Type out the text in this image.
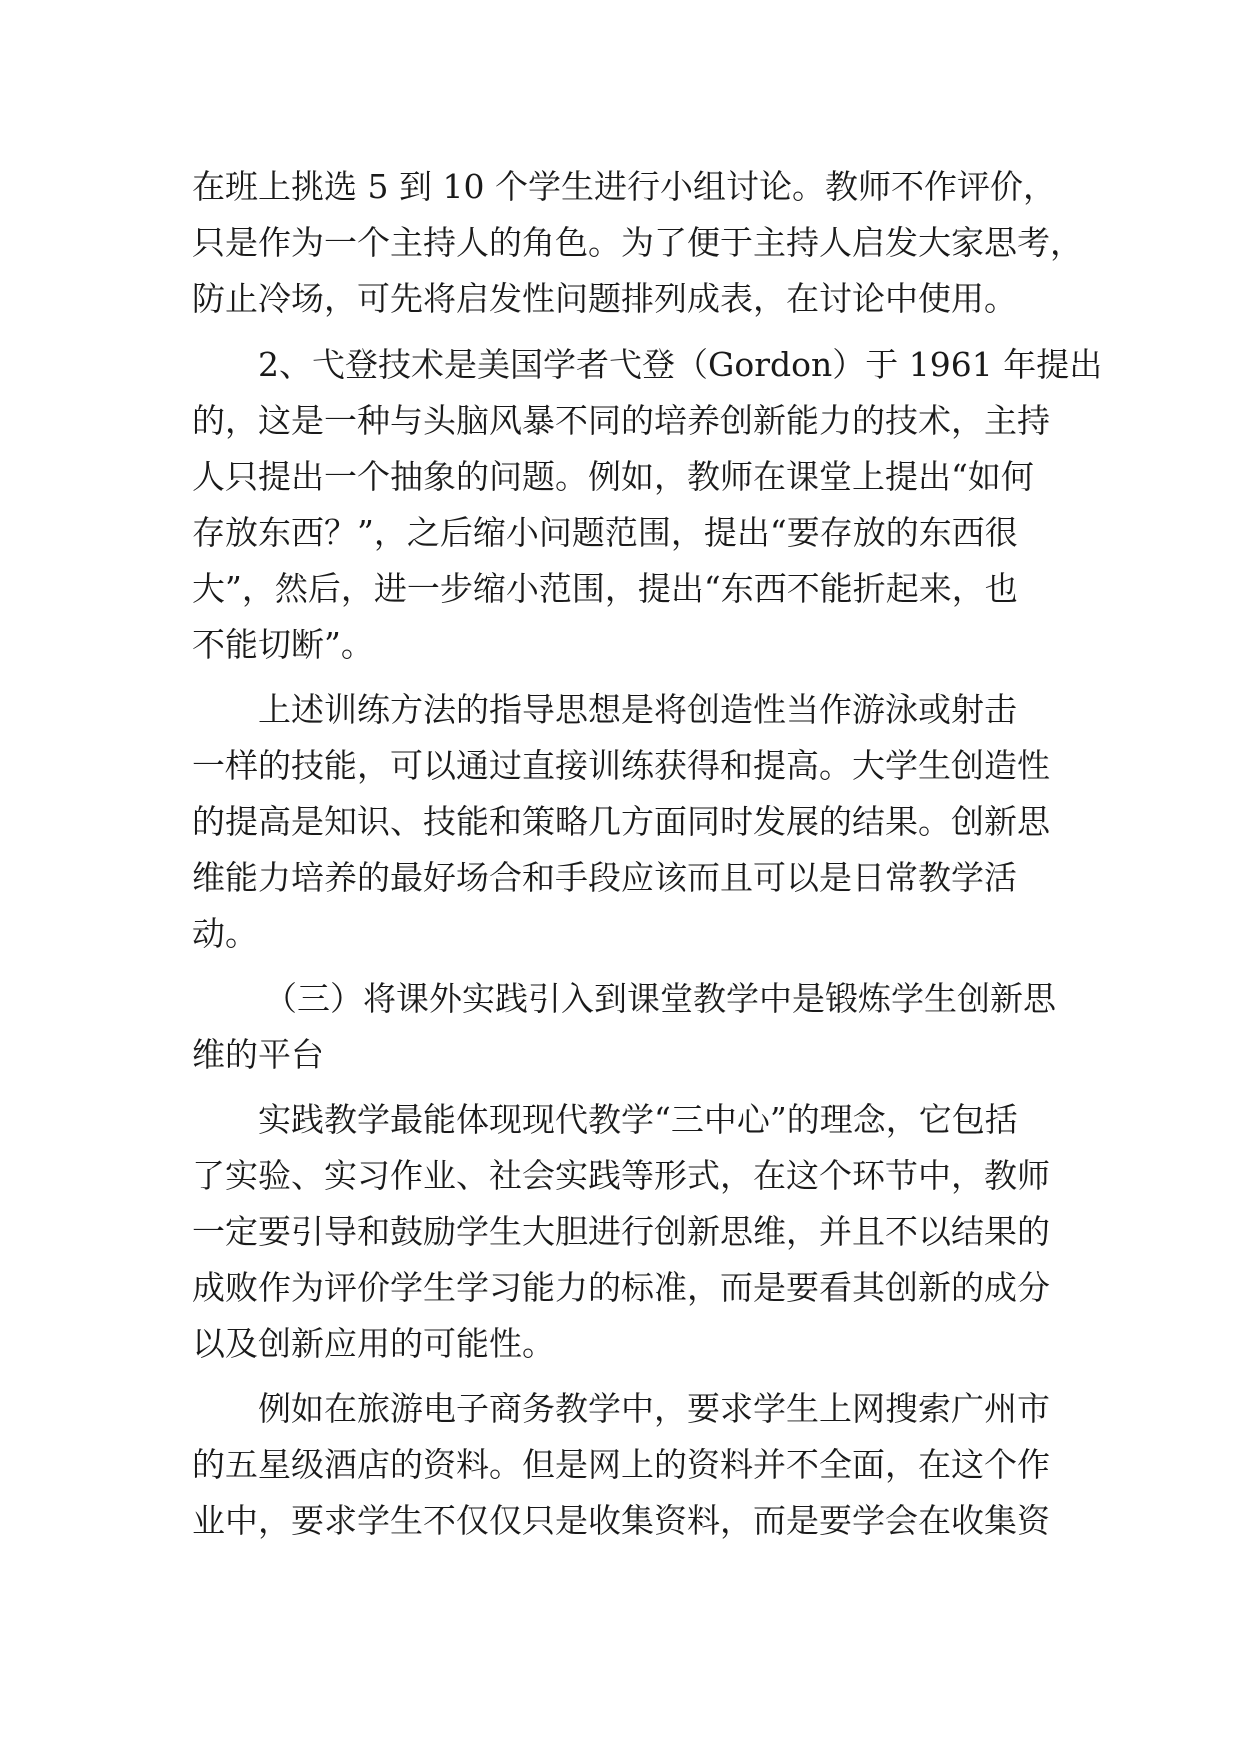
在班上挑选 5 到 10 个学生进行小组讨论。教师不作评价，
只是作为一个主持人的角色。为了便于主持人启发大家思考，
防止冷场，可先将启发性问题排列成表，在讨论中使用。
2、弋登技术是美国学者弋登（Gordon）于 1961 年提出
的，这是一种与头脑风暴不同的培养创新能力的技术，主持
人只提出一个抽象的问题。例如，教师在课堂上提出“如何
存放东西？”，之后缩小问题范围，提出“要存放的东西很
大”，然后，进一步缩小范围，提出“东西不能折起来，也
不能切断”。
上述训练方法的指导思想是将创造性当作游泳或射击
一样的技能，可以通过直接训练获得和提高。大学生创造性
的提高是知识、技能和策略几方面同时发展的结果。创新思
维能力培养的最好场合和手段应该而且可以是日常教学活
动。
（三）将课外实践引入到课堂教学中是锻炼学生创新思
维的平台
实践教学最能体现现代教学“三中心”的理念，它包括
了实验、实习作业、社会实践等形式，在这个环节中，教师
一定要引导和鼓励学生大胆进行创新思维，并且不以结果的
成败作为评价学生学习能力的标准，而是要看其创新的成分
以及创新应用的可能性。
例如在旅游电子商务教学中，要求学生上网搜索广州市
的五星级酒店的资料。但是网上的资料并不全面，在这个作
业中，要求学生不仅仅只是收集资料，而是要学会在收集资
